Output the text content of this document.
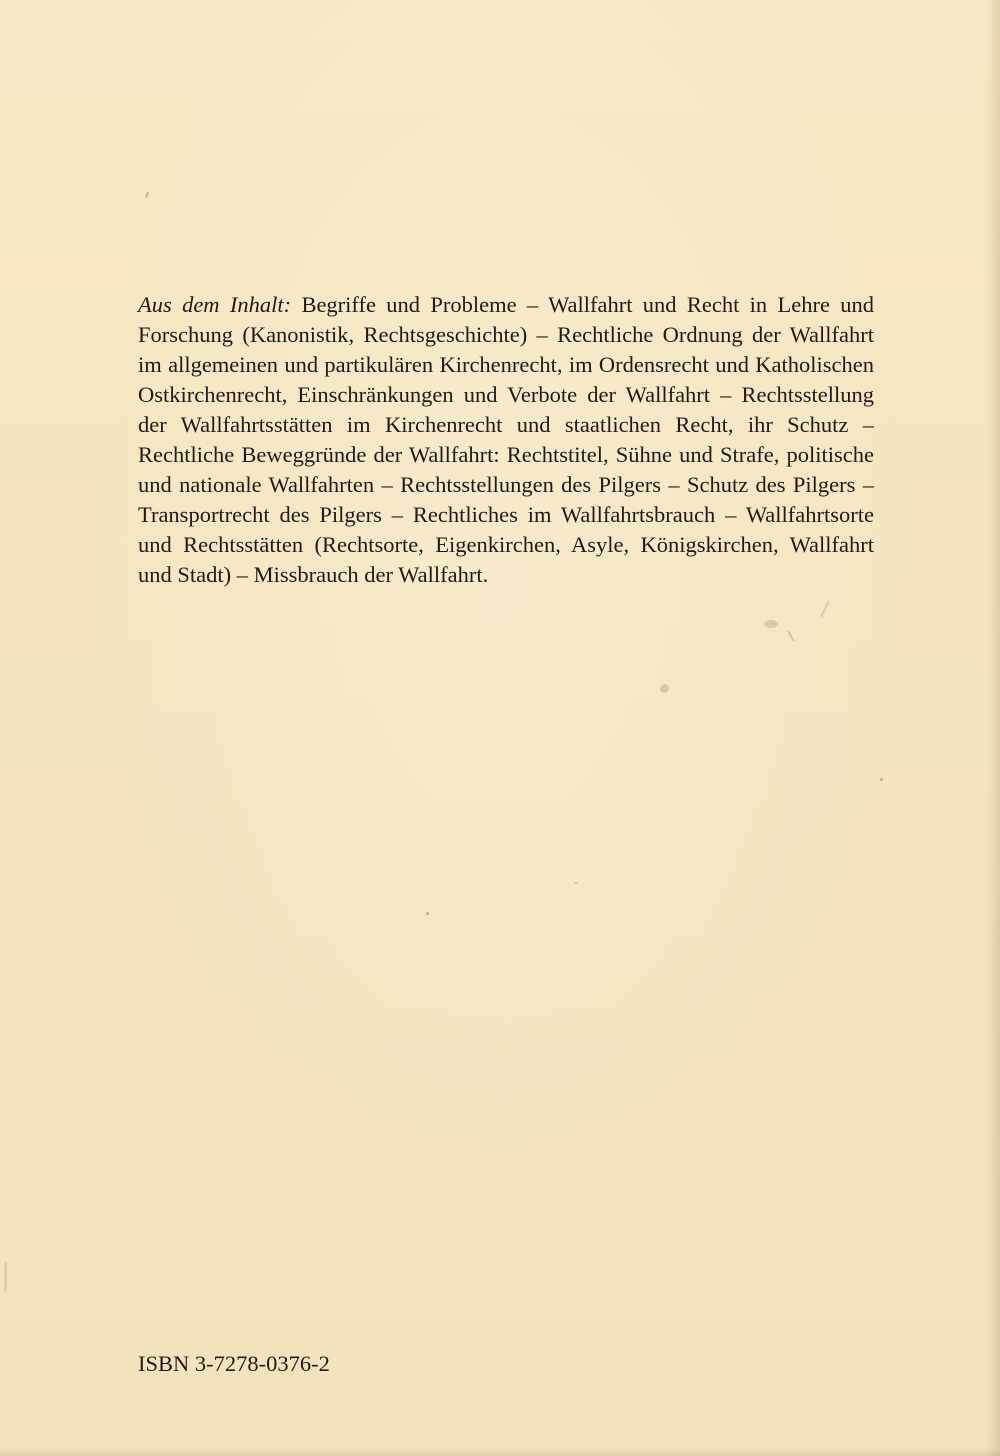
Aus dem Inhalt: Begriffe und Probleme – Wallfahrt und Recht in Lehre und Forschung (Kanonistik, Rechtsgeschichte) – Rechtliche Ordnung der Wallfahrt im allgemeinen und partikulären Kirchenrecht, im Ordensrecht und Katholischen Ostkirchenrecht, Einschränkungen und Verbote der Wallfahrt – Rechtsstellung der Wallfahrtsstätten im Kirchenrecht und staatlichen Recht, ihr Schutz – Rechtliche Beweggründe der Wallfahrt: Rechtstitel, Sühne und Strafe, politische und nationale Wallfahrten – Rechtsstellungen des Pilgers – Schutz des Pilgers – Transportrecht des Pilgers – Rechtliches im Wallfahrtsbrauch – Wallfahrtsorte und Rechtsstätten (Rechtsorte, Eigenkirchen, Asyle, Königskirchen, Wallfahrt und Stadt) – Missbrauch der Wallfahrt.

ISBN 3-7278-0376-2
